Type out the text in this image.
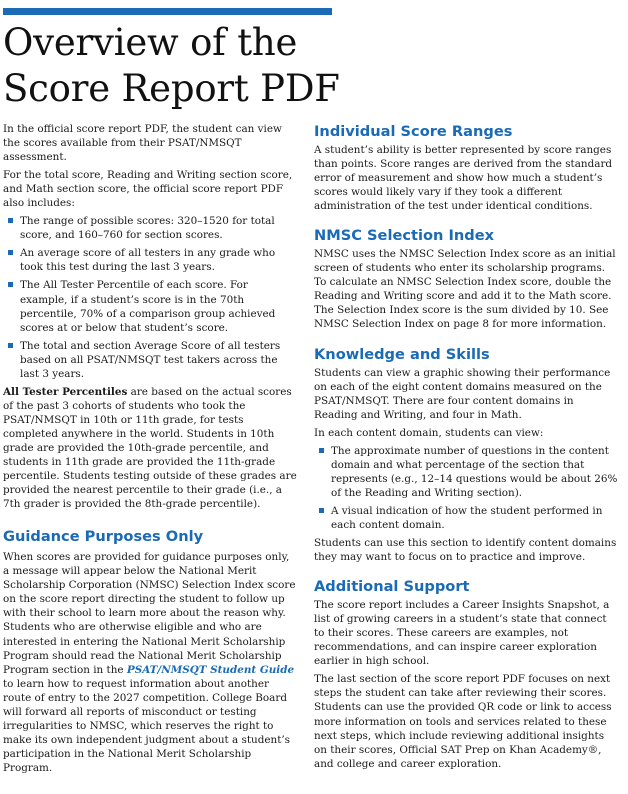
Overview of the
Score Report PDF

In the official score report PDF, the student can view the scores available from their PSAT/NMSQT assessment.

For the total score, Reading and Writing section score, and Math section score, the official score report PDF also includes:

The range of possible scores: 320–1520 for total score, and 160–760 for section scores.
An average score of all testers in any grade who took this test during the last 3 years.
The All Tester Percentile of each score. For example, if a student’s score is in the 70th percentile, 70% of a comparison group achieved scores at or below that student’s score.
The total and section Average Score of all testers based on all PSAT/NMSQT test takers across the last 3 years.

All Tester Percentiles are based on the actual scores of the past 3 cohorts of students who took the PSAT/NMSQT in 10th or 11th grade, for tests completed anywhere in the world. Students in 10th grade are provided the 10th-grade percentile, and students in 11th grade are provided the 11th-grade percentile. Students testing outside of these grades are provided the nearest percentile to their grade (i.e., a 7th grader is provided the 8th-grade percentile).

Guidance Purposes Only

When scores are provided for guidance purposes only, a message will appear below the National Merit Scholarship Corporation (NMSC) Selection Index score on the score report directing the student to follow up with their school to learn more about the reason why. Students who are otherwise eligible and who are interested in entering the National Merit Scholarship Program should read the National Merit Scholarship Program section in the PSAT/NMSQT Student Guide to learn how to request information about another route of entry to the 2027 competition. College Board will forward all reports of misconduct or testing irregularities to NMSC, which reserves the right to make its own independent judgment about a student’s participation in the National Merit Scholarship Program.

Individual Score Ranges

A student’s ability is better represented by score ranges than points. Score ranges are derived from the standard error of measurement and show how much a student’s scores would likely vary if they took a different administration of the test under identical conditions.

NMSC Selection Index

NMSC uses the NMSC Selection Index score as an initial screen of students who enter its scholarship programs. To calculate an NMSC Selection Index score, double the Reading and Writing score and add it to the Math score. The Selection Index score is the sum divided by 10. See NMSC Selection Index on page 8 for more information.

Knowledge and Skills

Students can view a graphic showing their performance on each of the eight content domains measured on the PSAT/NMSQT. There are four content domains in Reading and Writing, and four in Math.

In each content domain, students can view:

The approximate number of questions in the content domain and what percentage of the section that represents (e.g., 12–14 questions would be about 26% of the Reading and Writing section).
A visual indication of how the student performed in each content domain.

Students can use this section to identify content domains they may want to focus on to practice and improve.

Additional Support

The score report includes a Career Insights Snapshot, a list of growing careers in a student’s state that connect to their scores. These careers are examples, not recommendations, and can inspire career exploration earlier in high school.

The last section of the score report PDF focuses on next steps the student can take after reviewing their scores. Students can use the provided QR code or link to access more information on tools and services related to these next steps, which include reviewing additional insights on their scores, Official SAT Prep on Khan Academy®, and college and career exploration.
